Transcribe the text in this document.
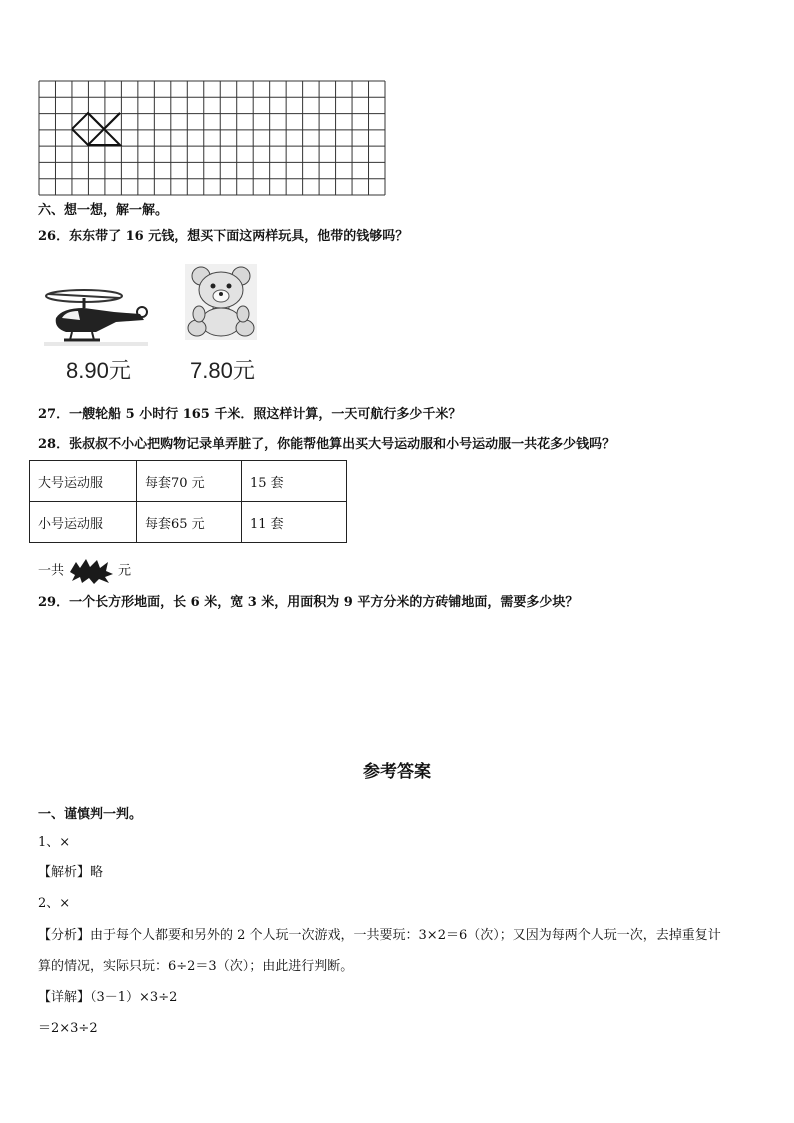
六、想一想，解一解。
26．东东带了 16 元钱，想买下面这两样玩具，他带的钱够吗？
8.90元	7.80元
27．一艘轮船 5 小时行 165 千米．照这样计算，一天可航行多少千米？
28．张叔叔不小心把购物记录单弄脏了，你能帮他算出买大号运动服和小号运动服一共花多少钱吗？
大号运动服	每套70 元	15 套
小号运动服	每套65 元	11 套
一共	元
29．一个长方形地面，长 6 米，宽 3 米，用面积为 9 平方分米的方砖铺地面，需要多少块？
参考答案
一、谨慎判一判。
1、×
【解析】略
2、×
【分析】由于每个人都要和另外的 2 个人玩一次游戏，一共要玩：3×2＝6（次）；又因为每两个人玩一次，去掉重复计
算的情况，实际只玩：6÷2＝3（次）；由此进行判断。
【详解】（3－1）×3÷2
＝2×3÷2
